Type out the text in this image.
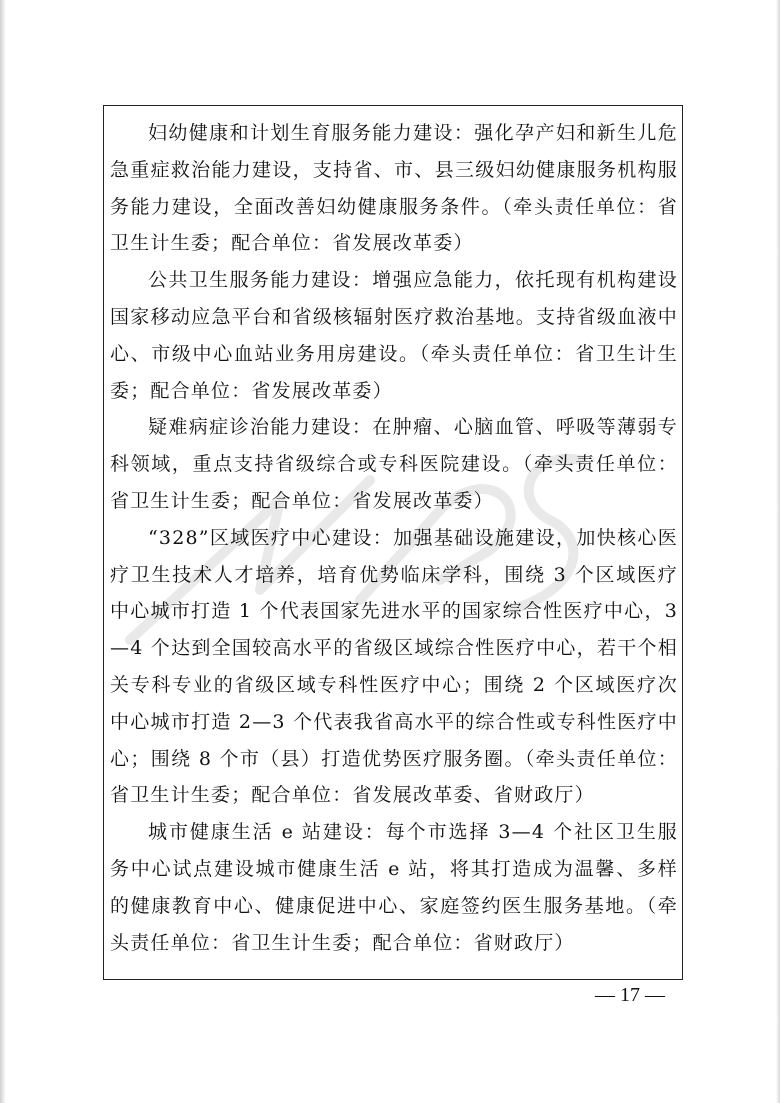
妇幼健康和计划生育服务能力建设：强化孕产妇和新生儿危急重症救治能力建设，支持省、市、县三级妇幼健康服务机构服务能力建设，全面改善妇幼健康服务条件。（牵头责任单位：省卫生计生委；配合单位：省发展改革委）

公共卫生服务能力建设：增强应急能力，依托现有机构建设国家移动应急平台和省级核辐射医疗救治基地。支持省级血液中心、市级中心血站业务用房建设。（牵头责任单位：省卫生计生委；配合单位：省发展改革委）

疑难病症诊治能力建设：在肿瘤、心脑血管、呼吸等薄弱专科领域，重点支持省级综合或专科医院建设。（牵头责任单位：省卫生计生委；配合单位：省发展改革委）

“328”区域医疗中心建设：加强基础设施建设，加快核心医疗卫生技术人才培养，培育优势临床学科，围绕 3 个区域医疗中心城市打造 1 个代表国家先进水平的国家综合性医疗中心，3—4 个达到全国较高水平的省级区域综合性医疗中心，若干个相关专科专业的省级区域专科性医疗中心；围绕 2 个区域医疗次中心城市打造 2—3 个代表我省高水平的综合性或专科性医疗中心；围绕 8 个市（县）打造优势医疗服务圈。（牵头责任单位：省卫生计生委；配合单位：省发展改革委、省财政厅）

城市健康生活 e 站建设：每个市选择 3—4 个社区卫生服务中心试点建设城市健康生活 e 站，将其打造成为温馨、多样的健康教育中心、健康促进中心、家庭签约医生服务基地。（牵头责任单位：省卫生计生委；配合单位：省财政厅）

— 17 —
